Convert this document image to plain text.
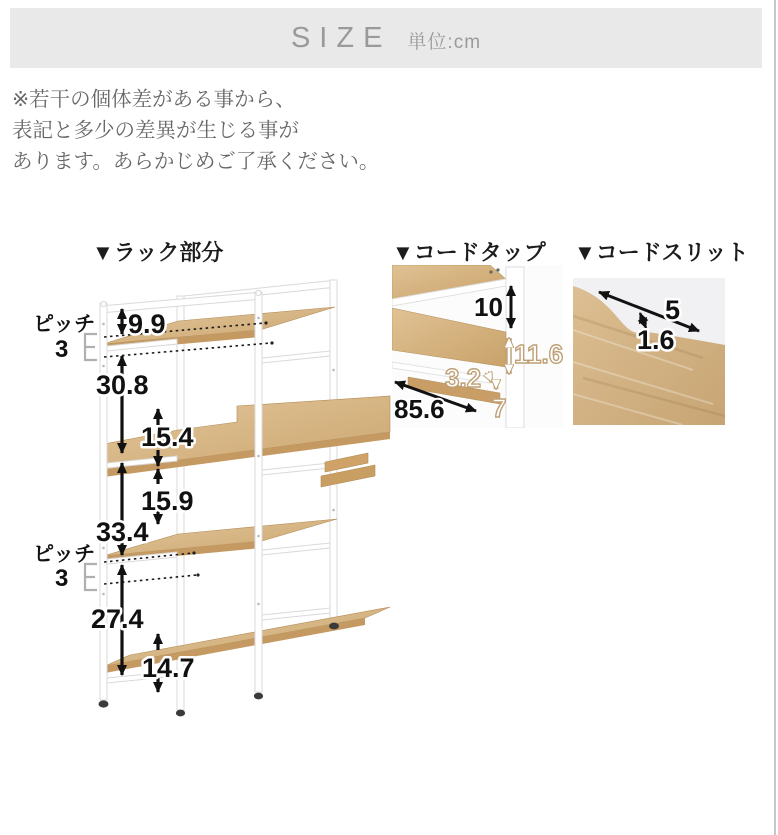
SIZE 単位:cm
※若干の個体差がある事から、
表記と多少の差異が生じる事が
あります。あらかじめご了承ください。
▼ラック部分	▼コードタップ ▼コードスリット
9.9
30.8
15.4
15.9
33.4
27.4
14.7
ピッチ
3
ピッチ
3
10
11.6
3.2
85.6 7
5
1.6
